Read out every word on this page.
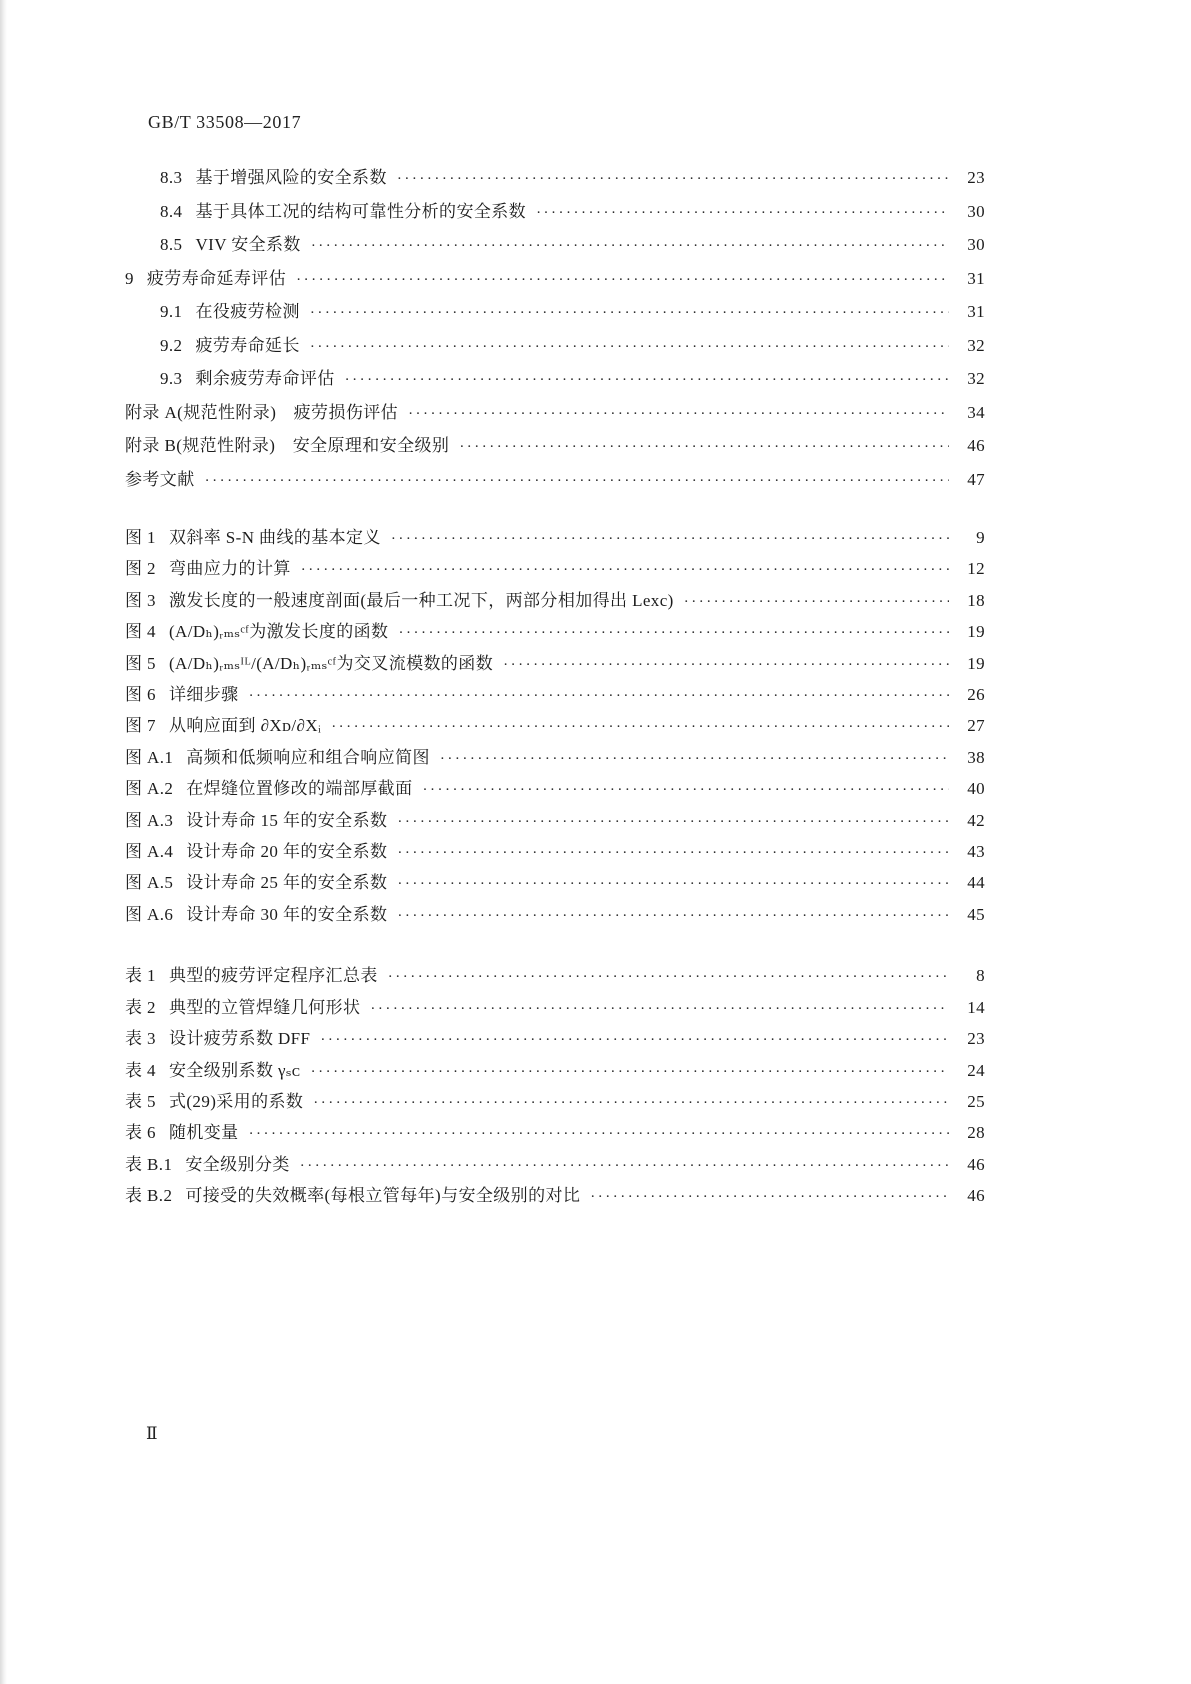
GB/T 33508—2017
8.3 基于增强风险的安全系数 ·····	23
8.4 基于具体工况的结构可靠性分析的安全系数 ·····	30
8.5 VIV 安全系数 ·····	30
9 疲劳寿命延寿评估 ·····	31
9.1 在役疲劳检测 ·····	31
9.2 疲劳寿命延长 ·····	32
9.3 剩余疲劳寿命评估 ·····	32
附录 A(规范性附录)　疲劳损伤评估 ·····	34
附录 B(规范性附录)　安全原理和安全级别 ·····	46
参考文献 ·····	47
图 1 双斜率 S-N 曲线的基本定义 ·····	9
图 2 弯曲应力的计算 ·····	12
图 3 激发长度的一般速度剖面(最后一种工况下，两部分相加得出 Lexc) ·····	18
图 4 (A/Dₕ)ᵣₘₛᶜᶠ为激发长度的函数 ·····	19
图 5 (A/Dₕ)ᵣₘₛᴵᴸ/(A/Dₕ)ᵣₘₛᶜᶠ为交叉流模数的函数 ·····	19
图 6 详细步骤 ·····	26
图 7 从响应面到 ∂Xᴅ/∂Xᵢ ·····	27
图 A.1 高频和低频响应和组合响应简图 ·····	38
图 A.2 在焊缝位置修改的端部厚截面 ·····	40
图 A.3 设计寿命 15 年的安全系数 ·····	42
图 A.4 设计寿命 20 年的安全系数 ·····	43
图 A.5 设计寿命 25 年的安全系数 ·····	44
图 A.6 设计寿命 30 年的安全系数 ·····	45
表 1 典型的疲劳评定程序汇总表 ·····	8
表 2 典型的立管焊缝几何形状 ·····	14
表 3 设计疲劳系数 DFF ·····	23
表 4 安全级别系数 γₛᴄ ·····	24
表 5 式(29)采用的系数 ·····	25
表 6 随机变量 ·····	28
表 B.1 安全级别分类 ·····	46
表 B.2 可接受的失效概率(每根立管每年)与安全级别的对比 ·····	46
Ⅱ
